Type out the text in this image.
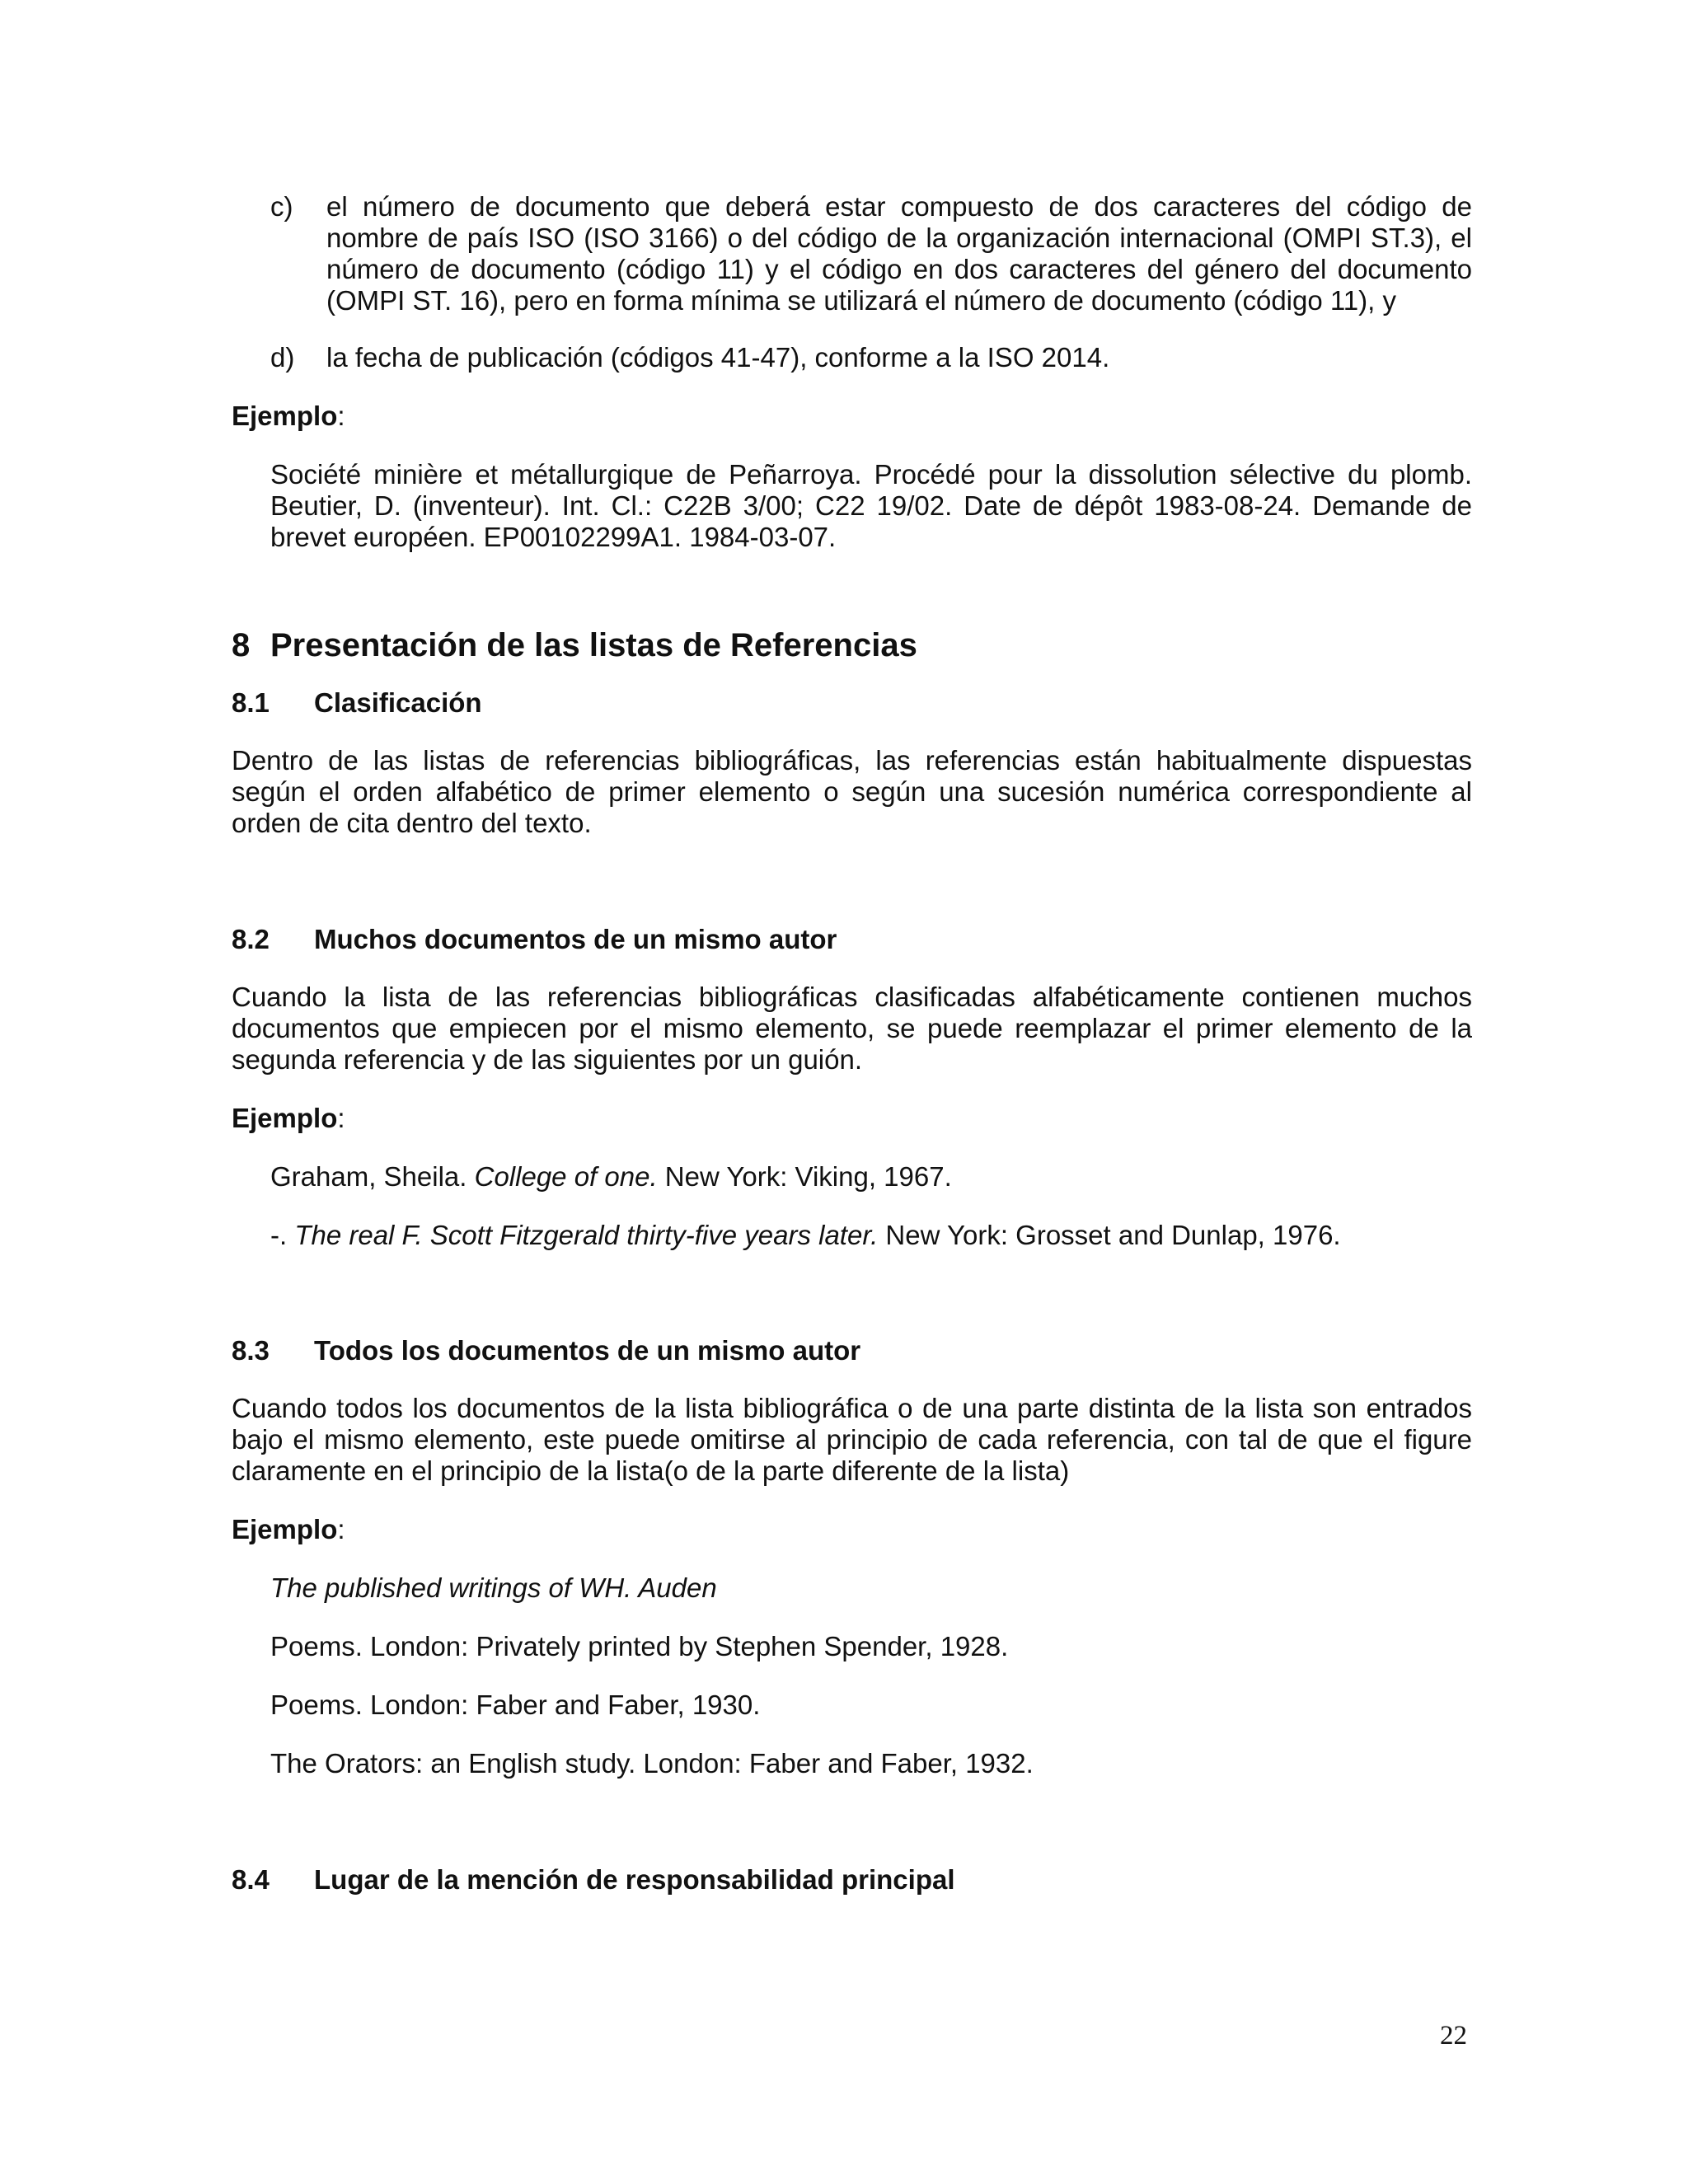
c)	el número de documento que deberá estar compuesto de dos caracteres del código de nombre de país ISO (ISO 3166) o del código de la organización internacional (OMPI ST.3), el número de documento (código 11) y el código en dos caracteres del género del documento (OMPI ST. 16), pero en forma mínima se utilizará el número de documento (código 11), y
d)	la fecha de publicación (códigos 41-47), conforme a la ISO 2014.

Ejemplo:

Société minière et métallurgique de Peñarroya. Procédé pour la dissolution sélective du plomb. Beutier, D. (inventeur). Int. Cl.: C22B 3/00; C22 19/02. Date de dépôt 1983-08-24. Demande de brevet européen. EP00102299A1. 1984-03-07.

8 Presentación de las listas de Referencias
8.1	Clasificación

Dentro de las listas de referencias bibliográficas, las referencias están habitualmente dispuestas según el orden alfabético de primer elemento o según una sucesión numérica correspondiente al orden de cita dentro del texto.

8.2	Muchos documentos de un mismo autor

Cuando la lista de las referencias bibliográficas clasificadas alfabéticamente contienen muchos documentos que empiecen por el mismo elemento, se puede reemplazar el primer elemento de la segunda referencia y de las siguientes por un guión.

Ejemplo:

Graham, Sheila. College of one. New York: Viking, 1967.

-. The real F. Scott Fitzgerald thirty-five years later. New York: Grosset and Dunlap, 1976.

8.3	Todos los documentos de un mismo autor

Cuando todos los documentos de la lista bibliográfica o de una parte distinta de la lista son entrados bajo el mismo elemento, este puede omitirse al principio de cada referencia, con tal de que el figure claramente en el principio de la lista(o de la parte diferente de la lista)

Ejemplo:

The published writings of WH. Auden

Poems. London: Privately printed by Stephen Spender, 1928.

Poems. London: Faber and Faber, 1930.

The Orators: an English study. London: Faber and Faber, 1932.

8.4	Lugar de la mención de responsabilidad principal
22
